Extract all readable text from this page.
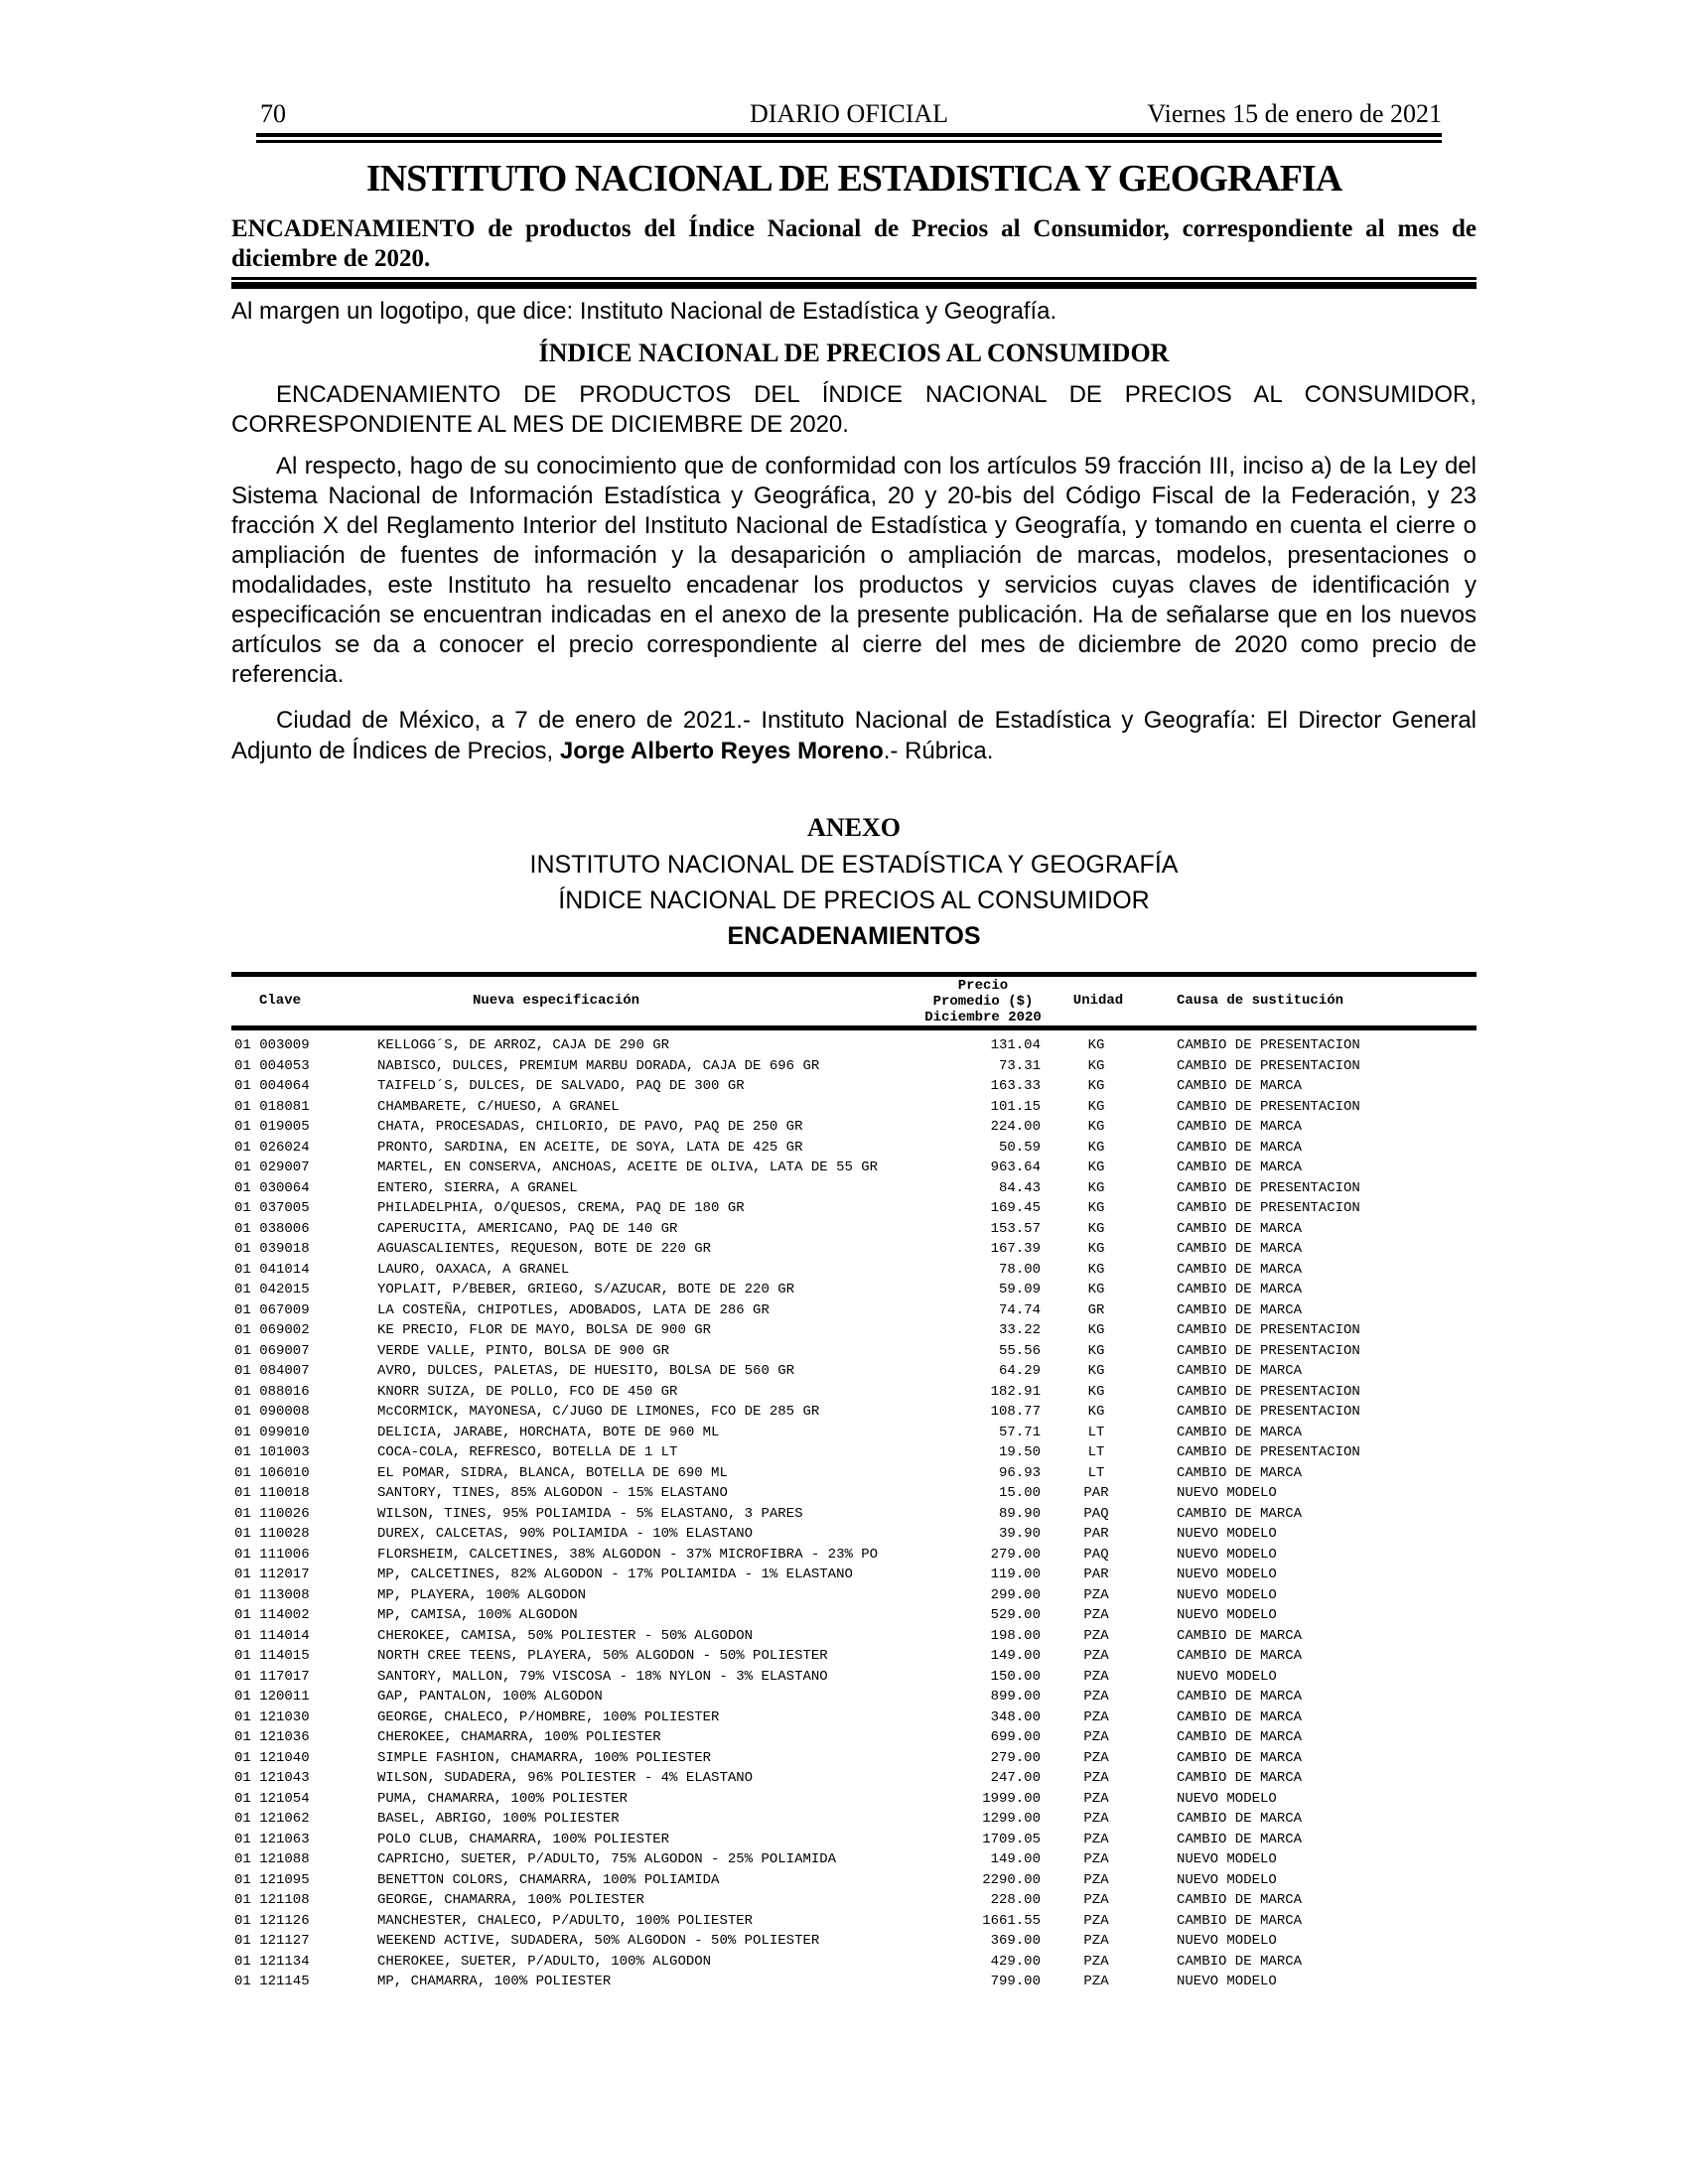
70	DIARIO OFICIAL	Viernes 15 de enero de 2021
INSTITUTO NACIONAL DE ESTADISTICA Y GEOGRAFIA

ENCADENAMIENTO de productos del Índice Nacional de Precios al Consumidor, correspondiente al mes de diciembre de 2020.

Al margen un logotipo, que dice: Instituto Nacional de Estadística y Geografía.

ÍNDICE NACIONAL DE PRECIOS AL CONSUMIDOR

ENCADENAMIENTO DE PRODUCTOS DEL ÍNDICE NACIONAL DE PRECIOS AL CONSUMIDOR, CORRESPONDIENTE AL MES DE DICIEMBRE DE 2020.

Al respecto, hago de su conocimiento que de conformidad con los artículos 59 fracción III, inciso a) de la Ley del Sistema Nacional de Información Estadística y Geográfica, 20 y 20-bis del Código Fiscal de la Federación, y 23 fracción X del Reglamento Interior del Instituto Nacional de Estadística y Geografía, y tomando en cuenta el cierre o ampliación de fuentes de información y la desaparición o ampliación de marcas, modelos, presentaciones o modalidades, este Instituto ha resuelto encadenar los productos y servicios cuyas claves de identificación y especificación se encuentran indicadas en el anexo de la presente publicación. Ha de señalarse que en los nuevos artículos se da a conocer el precio correspondiente al cierre del mes de diciembre de 2020 como precio de referencia.

Ciudad de México, a 7 de enero de 2021.- Instituto Nacional de Estadística y Geografía: El Director General Adjunto de Índices de Precios, Jorge Alberto Reyes Moreno.- Rúbrica.

ANEXO
INSTITUTO NACIONAL DE ESTADÍSTICA Y GEOGRAFÍA
ÍNDICE NACIONAL DE PRECIOS AL CONSUMIDOR
ENCADENAMIENTOS
Clave	Nueva especificación
Precio
Promedio ($)
Diciembre 2020
Unidad	Causa de sustitución
01 003009	KELLOGG´S, DE ARROZ, CAJA DE 290 GR	131.04	KG	CAMBIO DE PRESENTACION
01 004053	NABISCO, DULCES, PREMIUM MARBU DORADA, CAJA DE 696 GR	73.31	KG	CAMBIO DE PRESENTACION
01 004064	TAIFELD´S, DULCES, DE SALVADO, PAQ DE 300 GR	163.33	KG	CAMBIO DE MARCA
01 018081	CHAMBARETE, C/HUESO, A GRANEL	101.15	KG	CAMBIO DE PRESENTACION
01 019005	CHATA, PROCESADAS, CHILORIO, DE PAVO, PAQ DE 250 GR	224.00	KG	CAMBIO DE MARCA
01 026024	PRONTO, SARDINA, EN ACEITE, DE SOYA, LATA DE 425 GR	50.59	KG	CAMBIO DE MARCA
01 029007	MARTEL, EN CONSERVA, ANCHOAS, ACEITE DE OLIVA, LATA DE 55 GR	963.64	KG	CAMBIO DE MARCA
01 030064	ENTERO, SIERRA, A GRANEL	84.43	KG	CAMBIO DE PRESENTACION
01 037005	PHILADELPHIA, O/QUESOS, CREMA, PAQ DE 180 GR	169.45	KG	CAMBIO DE PRESENTACION
01 038006	CAPERUCITA, AMERICANO, PAQ DE 140 GR	153.57	KG	CAMBIO DE MARCA
01 039018	AGUASCALIENTES, REQUESON, BOTE DE 220 GR	167.39	KG	CAMBIO DE MARCA
01 041014	LAURO, OAXACA, A GRANEL	78.00	KG	CAMBIO DE MARCA
01 042015	YOPLAIT, P/BEBER, GRIEGO, S/AZUCAR, BOTE DE 220 GR	59.09	KG	CAMBIO DE MARCA
01 067009	LA COSTEÑA, CHIPOTLES, ADOBADOS, LATA DE 286 GR	74.74	GR	CAMBIO DE MARCA
01 069002	KE PRECIO, FLOR DE MAYO, BOLSA DE 900 GR	33.22	KG	CAMBIO DE PRESENTACION
01 069007	VERDE VALLE, PINTO, BOLSA DE 900 GR	55.56	KG	CAMBIO DE PRESENTACION
01 084007	AVRO, DULCES, PALETAS, DE HUESITO, BOLSA DE 560 GR	64.29	KG	CAMBIO DE MARCA
01 088016	KNORR SUIZA, DE POLLO, FCO DE 450 GR	182.91	KG	CAMBIO DE PRESENTACION
01 090008	McCORMICK, MAYONESA, C/JUGO DE LIMONES, FCO DE 285 GR	108.77	KG	CAMBIO DE PRESENTACION
01 099010	DELICIA, JARABE, HORCHATA, BOTE DE 960 ML	57.71	LT	CAMBIO DE MARCA
01 101003	COCA-COLA, REFRESCO, BOTELLA DE 1 LT	19.50	LT	CAMBIO DE PRESENTACION
01 106010	EL POMAR, SIDRA, BLANCA, BOTELLA DE 690 ML	96.93	LT	CAMBIO DE MARCA
01 110018	SANTORY, TINES, 85% ALGODON - 15% ELASTANO	15.00	PAR	NUEVO MODELO
01 110026	WILSON, TINES, 95% POLIAMIDA - 5% ELASTANO, 3 PARES	89.90	PAQ	CAMBIO DE MARCA
01 110028	DUREX, CALCETAS, 90% POLIAMIDA - 10% ELASTANO	39.90	PAR	NUEVO MODELO
01 111006	FLORSHEIM, CALCETINES, 38% ALGODON - 37% MICROFIBRA - 23% PO	279.00	PAQ	NUEVO MODELO
01 112017	MP, CALCETINES, 82% ALGODON - 17% POLIAMIDA - 1% ELASTANO	119.00	PAR	NUEVO MODELO
01 113008	MP, PLAYERA, 100% ALGODON	299.00	PZA	NUEVO MODELO
01 114002	MP, CAMISA, 100% ALGODON	529.00	PZA	NUEVO MODELO
01 114014	CHEROKEE, CAMISA, 50% POLIESTER - 50% ALGODON	198.00	PZA	CAMBIO DE MARCA
01 114015	NORTH CREE TEENS, PLAYERA, 50% ALGODON - 50% POLIESTER	149.00	PZA	CAMBIO DE MARCA
01 117017	SANTORY, MALLON, 79% VISCOSA - 18% NYLON - 3% ELASTANO	150.00	PZA	NUEVO MODELO
01 120011	GAP, PANTALON, 100% ALGODON	899.00	PZA	CAMBIO DE MARCA
01 121030	GEORGE, CHALECO, P/HOMBRE, 100% POLIESTER	348.00	PZA	CAMBIO DE MARCA
01 121036	CHEROKEE, CHAMARRA, 100% POLIESTER	699.00	PZA	CAMBIO DE MARCA
01 121040	SIMPLE FASHION, CHAMARRA, 100% POLIESTER	279.00	PZA	CAMBIO DE MARCA
01 121043	WILSON, SUDADERA, 96% POLIESTER - 4% ELASTANO	247.00	PZA	CAMBIO DE MARCA
01 121054	PUMA, CHAMARRA, 100% POLIESTER	1999.00	PZA	NUEVO MODELO
01 121062	BASEL, ABRIGO, 100% POLIESTER	1299.00	PZA	CAMBIO DE MARCA
01 121063	POLO CLUB, CHAMARRA, 100% POLIESTER	1709.05	PZA	CAMBIO DE MARCA
01 121088	CAPRICHO, SUETER, P/ADULTO, 75% ALGODON - 25% POLIAMIDA	149.00	PZA	NUEVO MODELO
01 121095	BENETTON COLORS, CHAMARRA, 100% POLIAMIDA	2290.00	PZA	NUEVO MODELO
01 121108	GEORGE, CHAMARRA, 100% POLIESTER	228.00	PZA	CAMBIO DE MARCA
01 121126	MANCHESTER, CHALECO, P/ADULTO, 100% POLIESTER	1661.55	PZA	CAMBIO DE MARCA
01 121127	WEEKEND ACTIVE, SUDADERA, 50% ALGODON - 50% POLIESTER	369.00	PZA	NUEVO MODELO
01 121134	CHEROKEE, SUETER, P/ADULTO, 100% ALGODON	429.00	PZA	CAMBIO DE MARCA
01 121145	MP, CHAMARRA, 100% POLIESTER	799.00	PZA	NUEVO MODELO
